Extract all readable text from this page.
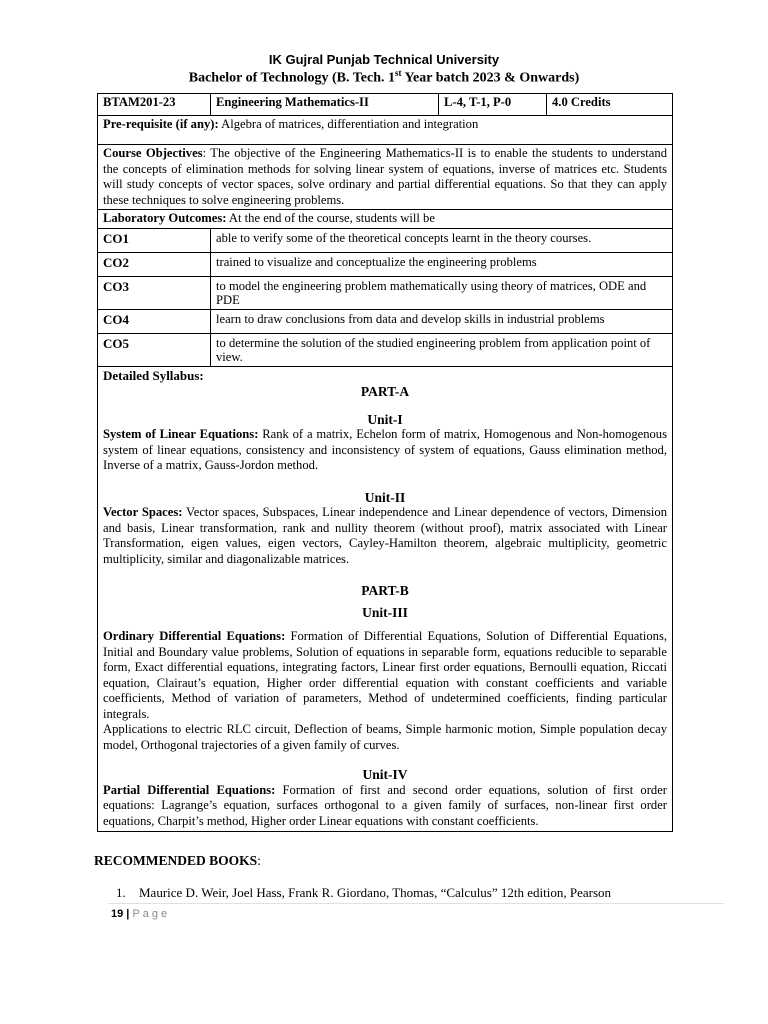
IK Gujral Punjab Technical University
Bachelor of Technology (B. Tech. 1st Year batch 2023 & Onwards)
BTAM201-23	Engineering Mathematics-II	L-4, T-1, P-0	4.0 Credits
Pre-requisite (if any): Algebra of matrices, differentiation and integration
Course Objectives: The objective of the Engineering Mathematics-II is to enable the students to understand the concepts of elimination methods for solving linear system of equations, inverse of matrices etc. Students will study concepts of vector spaces, solve ordinary and partial differential equations. So that they can apply these techniques to solve engineering problems.
Laboratory Outcomes: At the end of the course, students will be
CO1	able to verify some of the theoretical concepts learnt in the theory courses.
CO2	trained to visualize and conceptualize the engineering problems
CO3	to model the engineering problem mathematically using theory of matrices, ODE and PDE
CO4	learn to draw conclusions from data and develop skills in industrial problems
CO5	to determine the solution of the studied engineering problem from application point of view.
Detailed Syllabus:
PART-A
Unit-I
System of Linear Equations: Rank of a matrix, Echelon form of matrix, Homogenous and Non-homogenous system of linear equations, consistency and inconsistency of system of equations, Gauss elimination method, Inverse of a matrix, Gauss-Jordon method.
Unit-II
Vector Spaces: Vector spaces, Subspaces, Linear independence and Linear dependence of vectors, Dimension and basis, Linear transformation, rank and nullity theorem (without proof), matrix associated with Linear Transformation, eigen values, eigen vectors, Cayley-Hamilton theorem, algebraic multiplicity, geometric multiplicity, similar and diagonalizable matrices.
PART-B
Unit-III
Ordinary Differential Equations: Formation of Differential Equations, Solution of Differential Equations, Initial and Boundary value problems, Solution of equations in separable form, equations reducible to separable form, Exact differential equations, integrating factors, Linear first order equations, Bernoulli equation, Riccati equation, Clairaut’s equation, Higher order differential equation with constant coefficients and variable coefficients, Method of variation of parameters, Method of undetermined coefficients, finding particular integrals.
Applications to electric RLC circuit, Deflection of beams, Simple harmonic motion, Simple population decay model, Orthogonal trajectories of a given family of curves.
Unit-IV
Partial Differential Equations: Formation of first and second order equations, solution of first order equations: Lagrange’s equation, surfaces orthogonal to a given family of surfaces, non-linear first order equations, Charpit’s method, Higher order Linear equations with constant coefficients.
RECOMMENDED BOOKS:
1. Maurice D. Weir, Joel Hass, Frank R. Giordano, Thomas, “Calculus” 12th edition, Pearson
19 | Page
